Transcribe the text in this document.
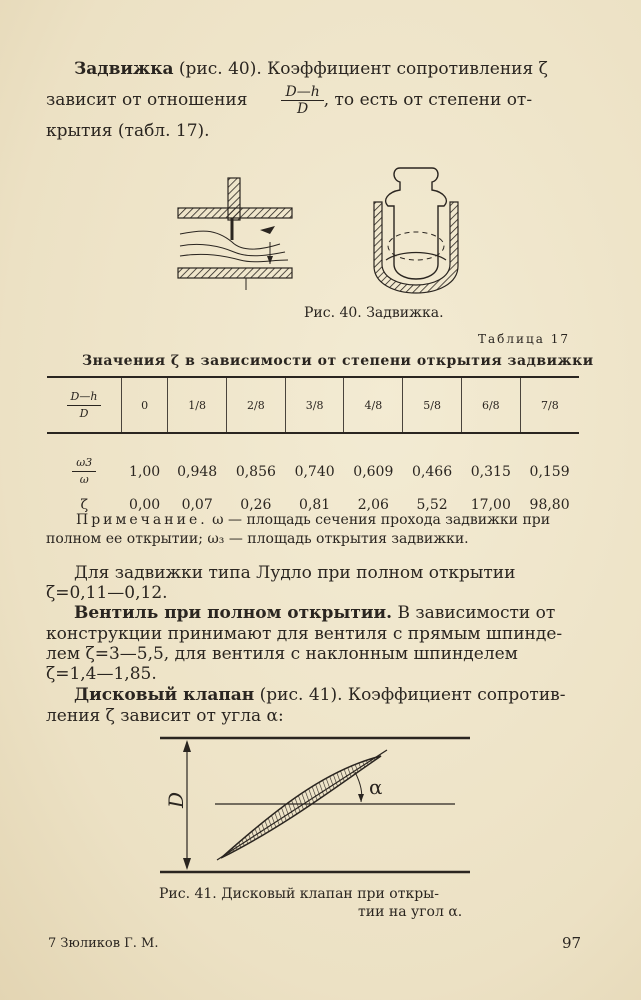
Задвижка (рис. 40). Коэффициент сопротивления ζ

зависит от отношения $\frac{D—h}{D}$ , то есть от степени от-

крытия (табл. 17).

Рис. 40. Задвижка.
Таблица 17
Значения ζ в зависимости от степени открытия задвижки
$\frac{D—h}{D}$	0	1/8	2/8	3/8	4/8	5/8	6/8	7/8

$\frac{\omega 3}{\omega}$	1,00	0,948	0,856	0,740	0,609	0,466	0,315	0,159
ζ	0,00	0,07	0,26	0,81	2,06	5,52	17,00	98,80

Примечание. ω — площадь сечения прохода задвижки при

полном ее открытии; ω₃ — площадь открытия задвижки.

Для задвижки типа Лудло при полном открытии

ζ=0,11—0,12.

Вентиль при полном открытии. В зависимости от

конструкции принимают для вентиля с прямым шпинде-

лем ζ=3—5,5, для вентиля с наклонным шпинделем

ζ=1,4—1,85.

Дисковый клапан (рис. 41). Коэффициент сопротив-

ления ζ зависит от угла α:

D
α
Рис. 41. Дисковый клапан при откры-
тии на угол α.
7 Зюликов Г. М.	97
